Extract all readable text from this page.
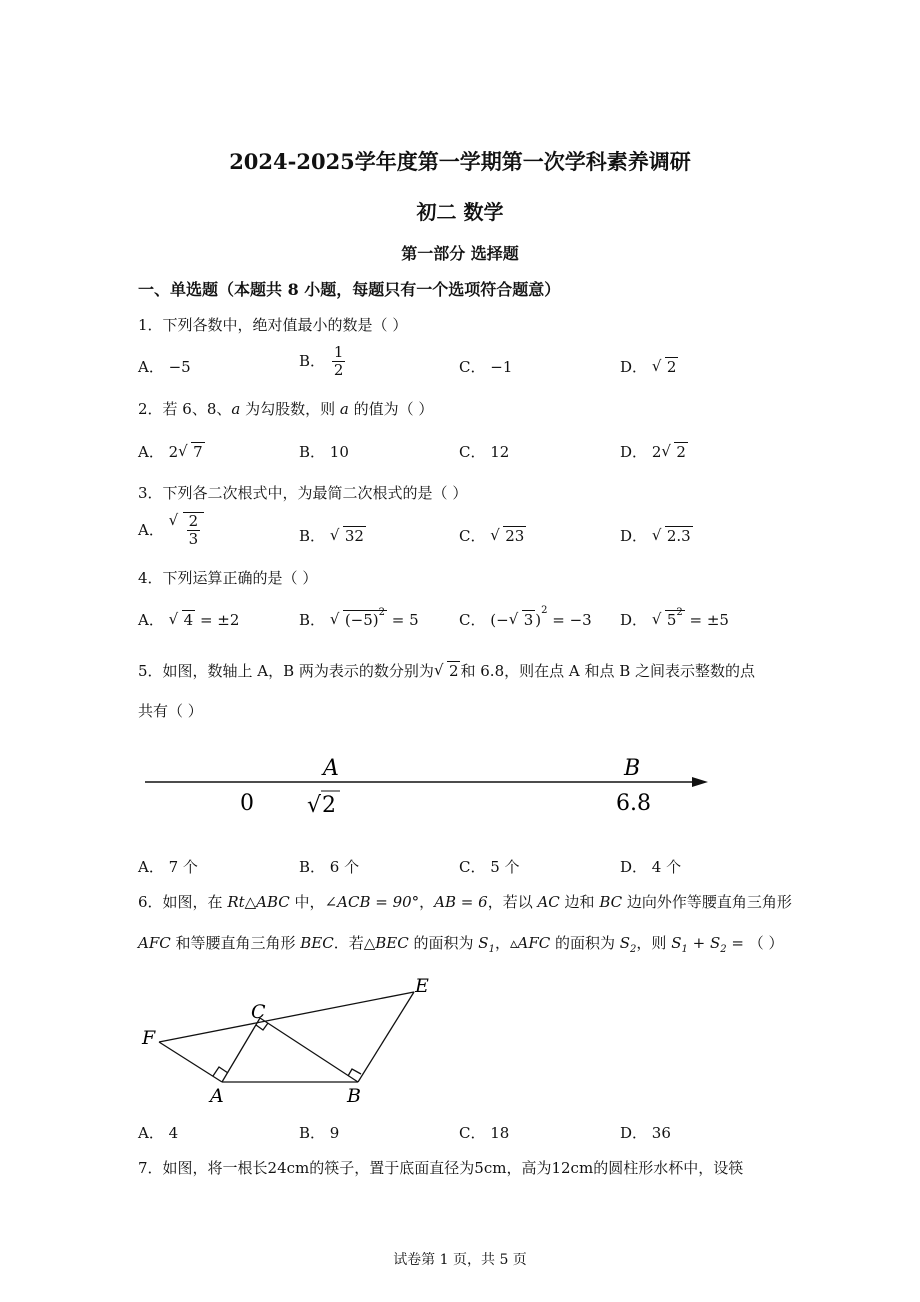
2024-2025学年度第一学期第一次学科素养调研
初二 数学
第一部分 选择题
一、单选题（本题共 8 小题，每题只有一个选项符合题意）
1．下列各数中，绝对值最小的数是（ ）
A． −5	B． $\frac{1}{2}$	C． −1	D． √ 2
2．若 6、8、a 为勾股数，则 a 的值为（ ）
A． 2 √ 7	B． 10	C． 12	D． 2 √ 2
3．下列各二次根式中，为最简二次根式的是（ ）
A． √ $\frac{2}{3}$	B． √ 32	C． √ 23	D． √ 2.3
4．下列运算正确的是（ ）
A． √ 4 = ±2	B． √ $(-5)^2 = 5$	C． (− √ 3 )$^2$ = −3 D． √ $5^2 = \pm 5$
5．如图，数轴上 A，B 两为表示的数分别为 √ 2 和 6.8，则在点 A 和点 B 之间表示整数的点
共有（ ）
A	B
0 √ 2	6.8
A． 7 个	B． 6 个	C． 5 个	D． 4 个
6．如图，在 Rt△ABC 中，∠ACB = 90°，AB = 6，若以 AC 边和 BC 边向外作等腰直角三角形
AFC 和等腰直角三角形 BEC．若△BEC 的面积为 $S_1$，▵AFC 的面积为 $S_2$，则 $S_1 + S_2$ = （ ）
F
C
E
A	B
A． 4	B． 9	C． 18	D． 36
7．如图，将一根长24cm的筷子，置于底面直径为5cm，高为12cm的圆柱形水杯中，设筷
试卷第 1 页，共 5 页
